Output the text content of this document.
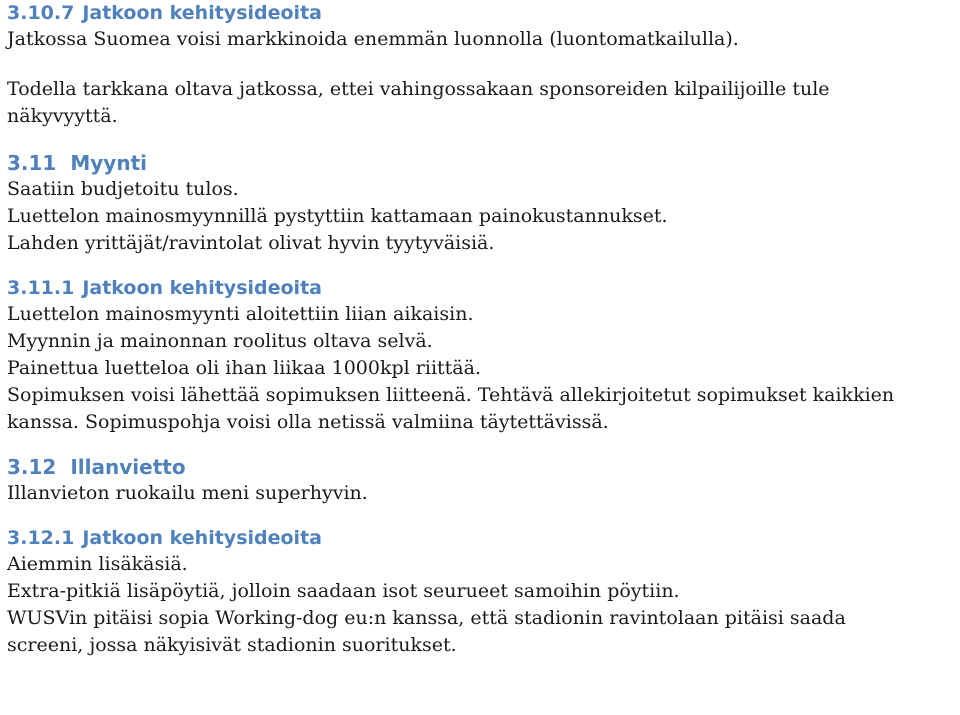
3.10.7 Jatkoon kehitysideoita

Jatkossa Suomea voisi markkinoida enemmän luonnolla (luontomatkailulla).

Todella tarkkana oltava jatkossa, ettei vahingossakaan sponsoreiden kilpailijoille tule näkyvyyttä.

3.11 Myynti

Saatiin budjetoitu tulos.

Luettelon mainosmyynnillä pystyttiin kattamaan painokustannukset.

Lahden yrittäjät/ravintolat olivat hyvin tyytyväisiä.

3.11.1 Jatkoon kehitysideoita

Luettelon mainosmyynti aloitettiin liian aikaisin.

Myynnin ja mainonnan roolitus oltava selvä.

Painettua luetteloa oli ihan liikaa 1000kpl riittää.

Sopimuksen voisi lähettää sopimuksen liitteenä. Tehtävä allekirjoitetut sopimukset kaikkien kanssa. Sopimuspohja voisi olla netissä valmiina täytettävissä.

3.12 Illanvietto

Illanvieton ruokailu meni superhyvin.

3.12.1 Jatkoon kehitysideoita

Aiemmin lisäkäsiä.

Extra-pitkiä lisäpöytiä, jolloin saadaan isot seurueet samoihin pöytiin.

WUSVin pitäisi sopia Working-dog eu:n kanssa, että stadionin ravintolaan pitäisi saada screeni, jossa näkyisivät stadionin suoritukset.
